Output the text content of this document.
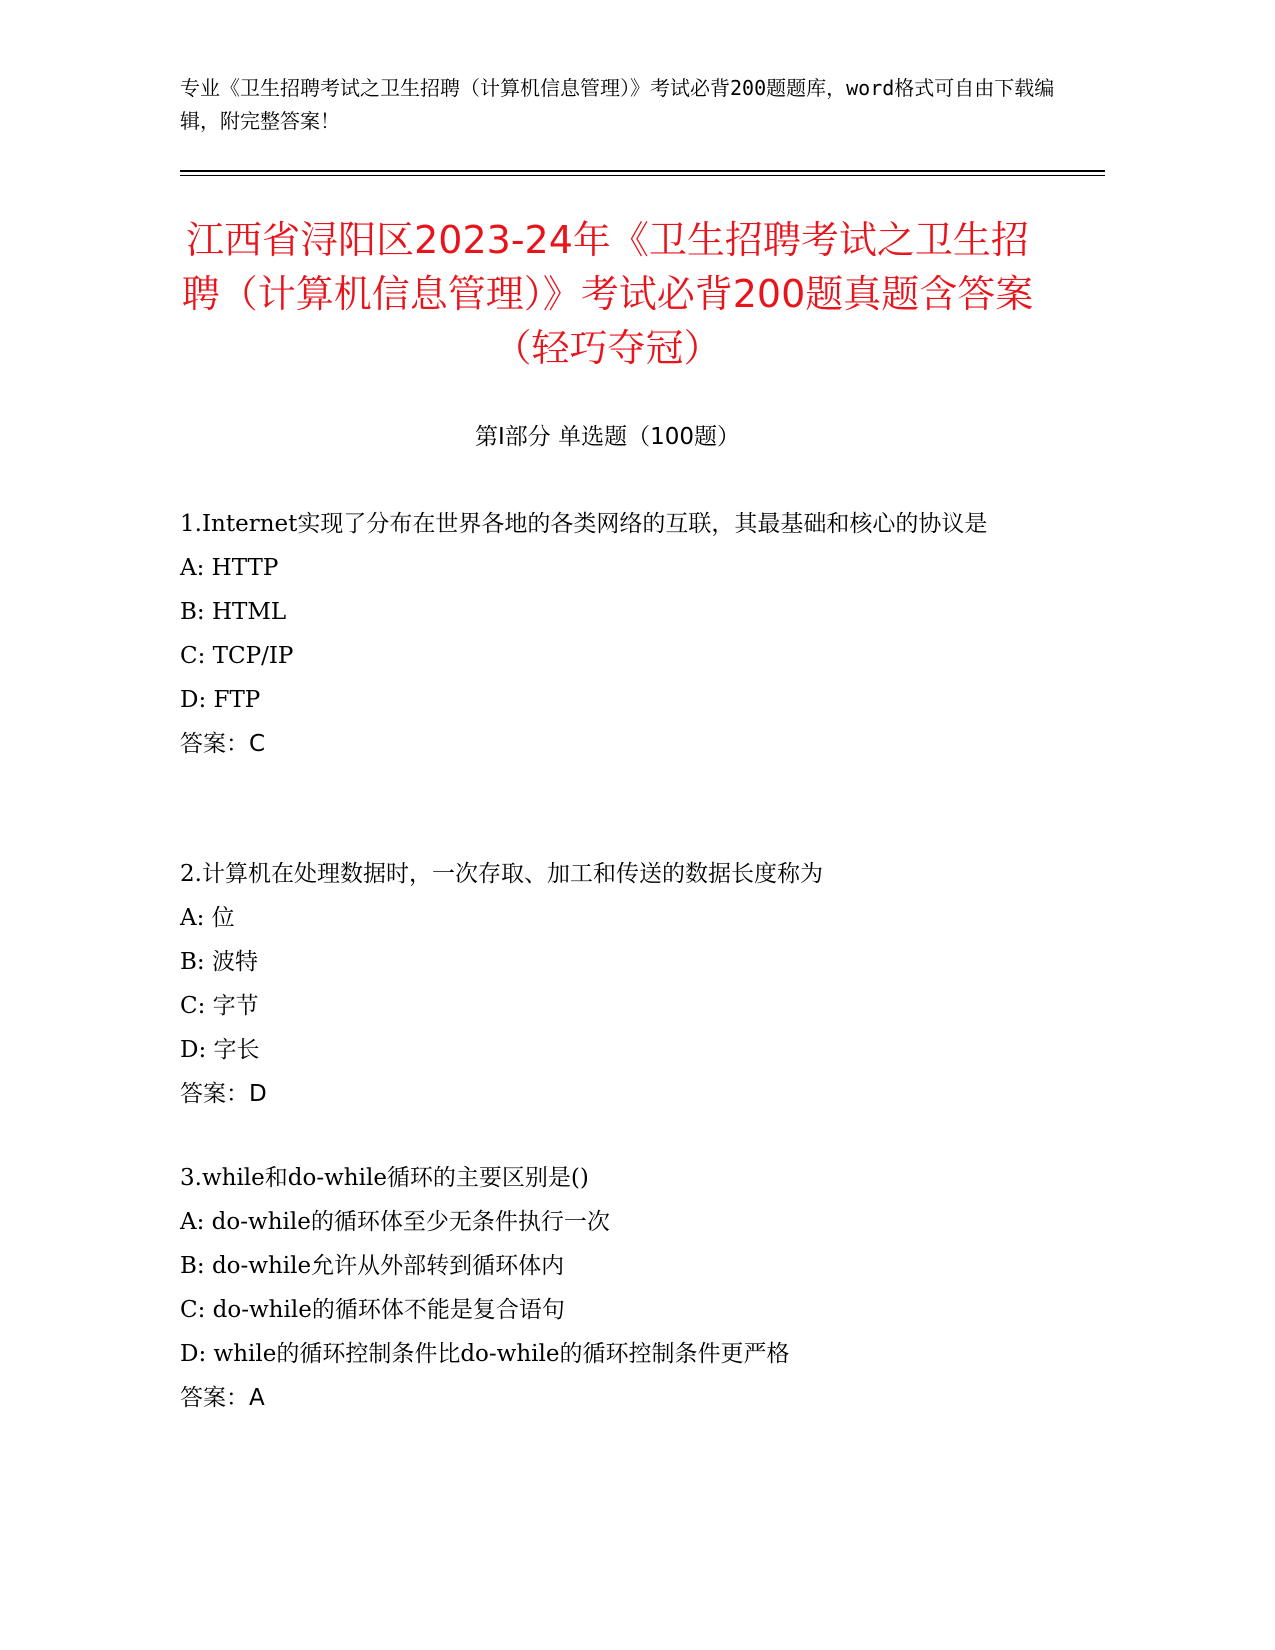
专业《卫生招聘考试之卫生招聘（计算机信息管理）》考试必背200题题库，word格式可自由下载编辑，附完整答案！

江西省浔阳区2023-24年《卫生招聘考试之卫生招聘（计算机信息管理）》考试必背200题真题含答案（轻巧夺冠）
第Ⅰ部分 单选题（100题）

1.Internet实现了分布在世界各地的各类网络的互联，其最基础和核心的协议是

A: HTTP

B: HTML

C: TCP/IP

D: FTP

答案：C

2.计算机在处理数据时，一次存取、加工和传送的数据长度称为

A: 位

B: 波特

C: 字节

D: 字长

答案：D

3.while和do-while循环的主要区别是()

A: do-while的循环体至少无条件执行一次

B: do-while允许从外部转到循环体内

C: do-while的循环体不能是复合语句

D: while的循环控制条件比do-while的循环控制条件更严格

答案：A
